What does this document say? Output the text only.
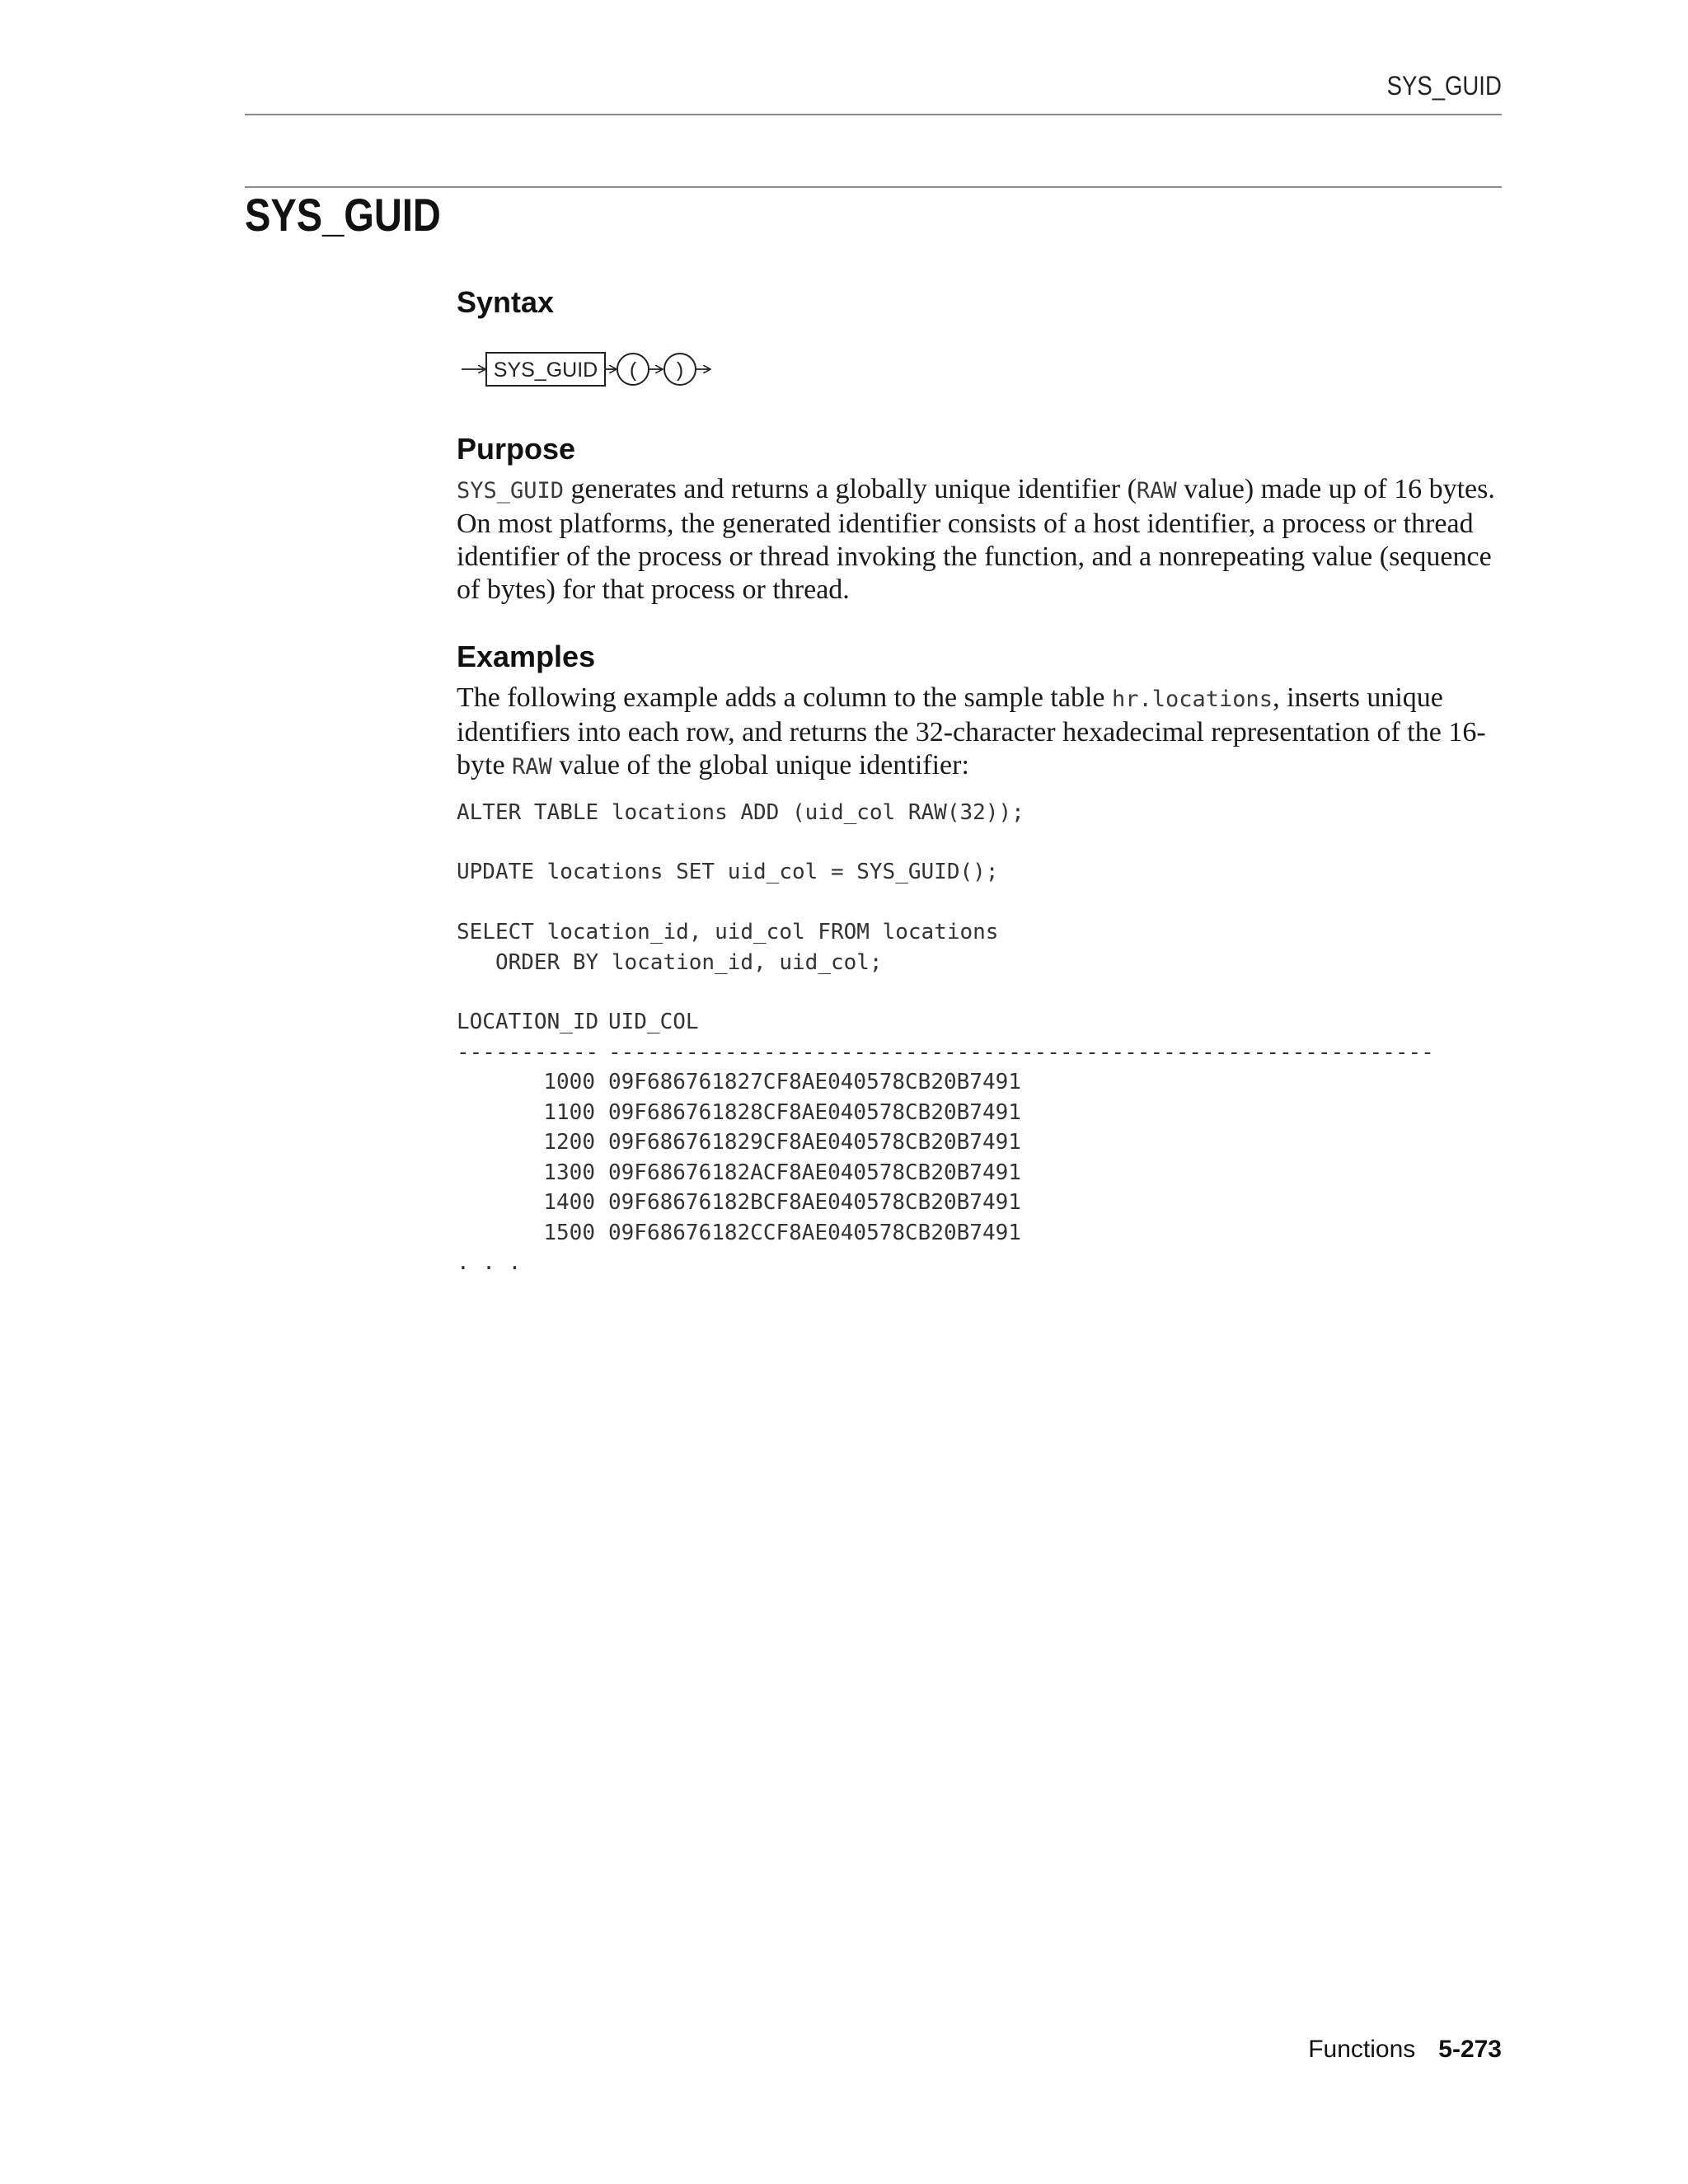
SYS_GUID
SYS_GUID
Syntax
SYS_GUID ( )
Purpose

SYS_GUID generates and returns a globally unique identifier (RAW value) made up of 16 bytes. On most platforms, the generated identifier consists of a host identifier, a process or thread identifier of the process or thread invoking the function, and a nonrepeating value (sequence of bytes) for that process or thread.

Examples

The following example adds a column to the sample table hr.locations, inserts unique identifiers into each row, and returns the 32-character hexadecimal representation of the 16-byte RAW value of the global unique identifier:

ALTER TABLE locations ADD (uid_col RAW(32));
UPDATE locations SET uid_col = SYS_GUID();
SELECT location_id, uid_col FROM locations
ORDER BY location_id, uid_col;
LOCATION_ID UID_COL
----------- ----------------------------------------------------------------
1000 09F686761827CF8AE040578CB20B7491
1100 09F686761828CF8AE040578CB20B7491
1200 09F686761829CF8AE040578CB20B7491
1300 09F68676182ACF8AE040578CB20B7491
1400 09F68676182BCF8AE040578CB20B7491
1500 09F68676182CCF8AE040578CB20B7491
. . .
Functions 5-273
